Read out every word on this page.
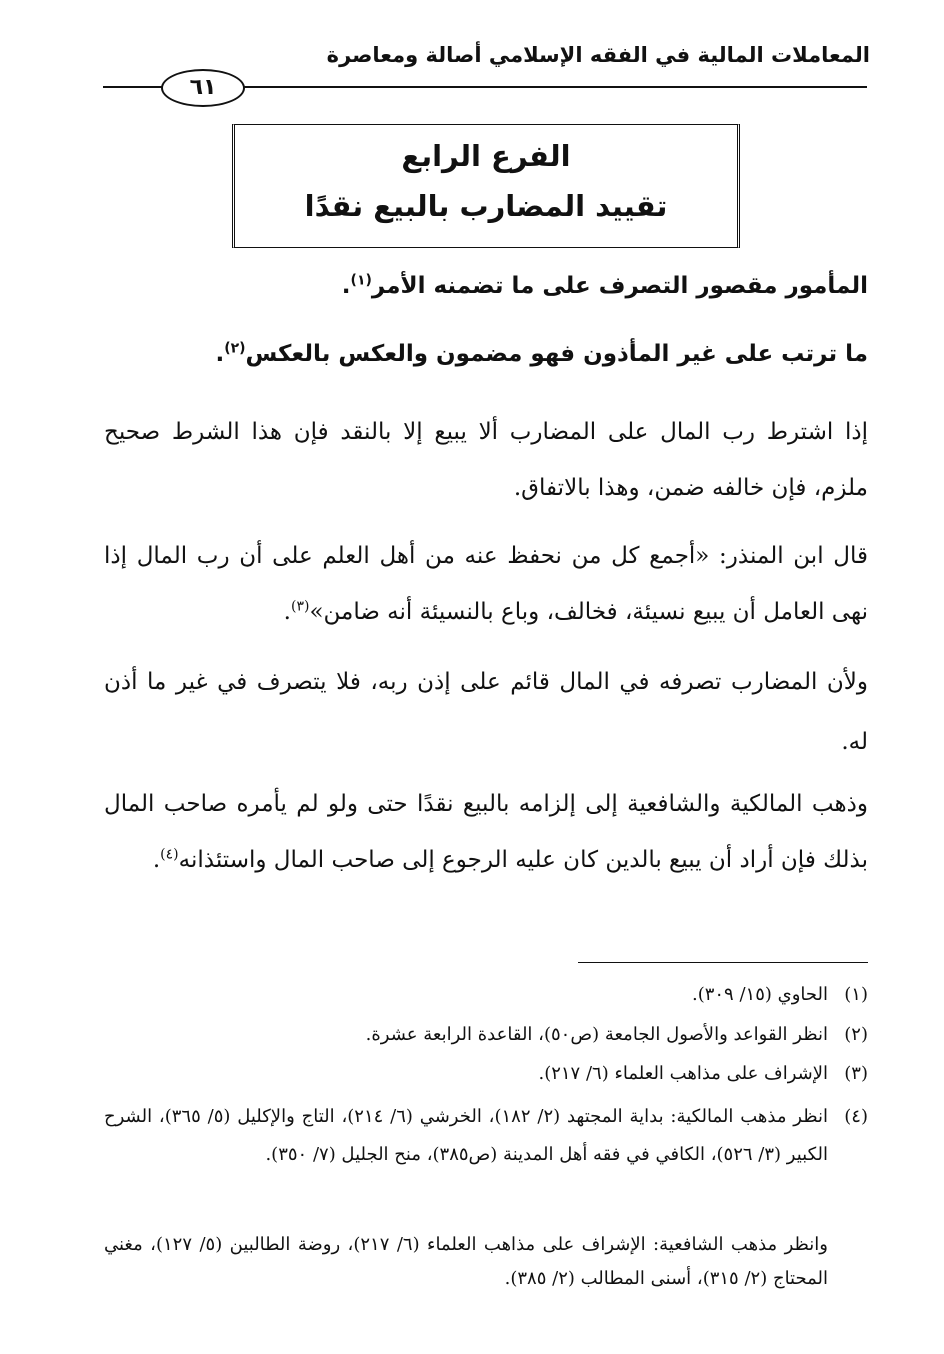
المعاملات المالية في الفقه الإسلامي أصالة ومعاصرة
٦١
الفرع الرابع
تقييد المضارب بالبيع نقدًا
المأمور مقصور التصرف على ما تضمنه الأمر$^{(١)}$.
ما ترتب على غير المأذون فهو مضمون والعكس بالعكس$^{(٢)}$.
إذا اشترط رب المال على المضارب ألا يبيع إلا بالنقد فإن هذا الشرط صحيح ملزم، فإن خالفه ضمن، وهذا بالاتفاق.
قال ابن المنذر: «أجمع كل من نحفظ عنه من أهل العلم على أن رب المال إذا نهى العامل أن يبيع نسيئة، فخالف، وباع بالنسيئة أنه ضامن»$^{(٣)}$.
ولأن المضارب تصرفه في المال قائم على إذن ربه، فلا يتصرف في غير ما أذن له.
وذهب المالكية والشافعية إلى إلزامه بالبيع نقدًا حتى ولو لم يأمره صاحب المال بذلك فإن أراد أن يبيع بالدين كان عليه الرجوع إلى صاحب المال واستئذانه$^{(٤)}$.
(١)
الحاوي (١٥/ ٣٠٩).
(٢)
انظر القواعد والأصول الجامعة (ص٥٠)، القاعدة الرابعة عشرة.
(٣)
الإشراف على مذاهب العلماء (٦/ ٢١٧).
(٤)
انظر مذهب المالكية: بداية المجتهد (٢/ ١٨٢)، الخرشي (٦/ ٢١٤)، التاج والإكليل (٥/ ٣٦٥)، الشرح الكبير (٣/ ٥٢٦)، الكافي في فقه أهل المدينة (ص٣٨٥)، منح الجليل (٧/ ٣٥٠).
وانظر مذهب الشافعية: الإشراف على مذاهب العلماء (٦/ ٢١٧)، روضة الطالبين (٥/ ١٢٧)، مغني المحتاج (٢/ ٣١٥)، أسنى المطالب (٢/ ٣٨٥).
